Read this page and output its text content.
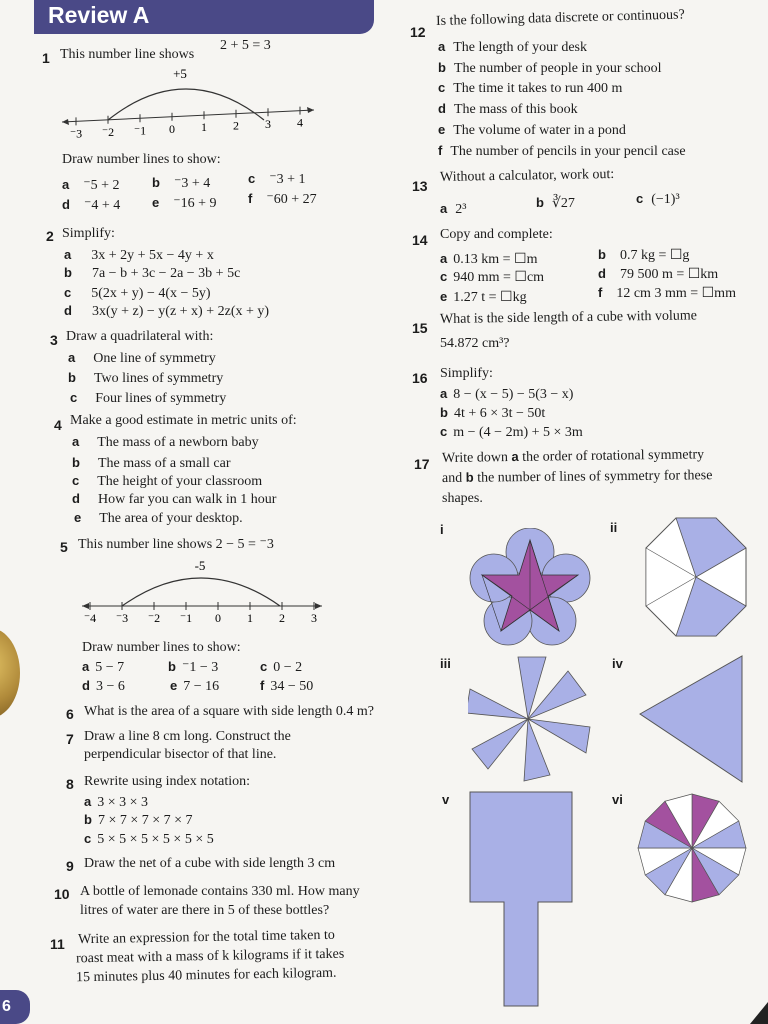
Review A
1 This number line shows
2 + 5 = 3
+5
⁻3 ⁻2 ⁻1 0 1 2 3 4
Draw number lines to show:
a ⁻5 + 2 b ⁻3 + 4	c ⁻3 + 1
d ⁻4 + 4 e ⁻16 + 9 f ⁻60 + 27
2 Simplify:
a 3x + 2y + 5x − 4y + x
b 7a − b + 3c − 2a − 3b + 5c
c 5(2x + y) − 4(x − 5y)
d 3x(y + z) − y(z + x) + 2z(x + y)
3 Draw a quadrilateral with:
a One line of symmetry
b Two lines of symmetry
c Four lines of symmetry
4 Make a good estimate in metric units of:
a The mass of a newborn baby
b The mass of a small car
c The height of your classroom
d How far you can walk in 1 hour
e The area of your desktop.
5 This number line shows 2 − 5 = ⁻3
-5
⁻4 ⁻3 ⁻2 ⁻1 0 1 2 3
Draw number lines to show:
a 5 − 7	b ⁻1 − 3	c 0 − 2
d 3 − 6	e 7 − 16	f 34 − 50
6 What is the area of a square with side length 0.4 m?
7 Draw a line 8 cm long. Construct the
perpendicular bisector of that line.
8 Rewrite using index notation:
a 3 × 3 × 3
b 7 × 7 × 7 × 7 × 7
c 5 × 5 × 5 × 5 × 5 × 5
9 Draw the net of a cube with side length 3 cm
10 A bottle of lemonade contains 330 ml. How many
litres of water are there in 5 of these bottles?
11 Write an expression for the total time taken to
roast meat with a mass of k kilograms if it takes
15 minutes plus 40 minutes for each kilogram.
12
Is the following data discrete or continuous?
a The length of your desk
b The number of people in your school
c The time it takes to run 400 m
d The mass of this book
e The volume of water in a pond
f The number of pencils in your pencil case
13
Without a calculator, work out:
a 2³	b ∛27	c (−1)³
14 Copy and complete:
a 0.13 km = ☐m	b 0.7 kg = ☐g
c 940 mm = ☐cm	d 79 500 m = ☐km
e 1.27 t = ☐kg	f 12 cm 3 mm = ☐mm
15
What is the side length of a cube with volume
54.872 cm³?
16 Simplify:
a 8 − (x − 5) − 5(3 − x)
b 4t + 6 × 3t − 50t
c m − (4 − 2m) + 5 × 3m
17 Write down a the order of rotational symmetry
and b the number of lines of symmetry for these
shapes.
i	ii
iii	iv
v	vi
6
